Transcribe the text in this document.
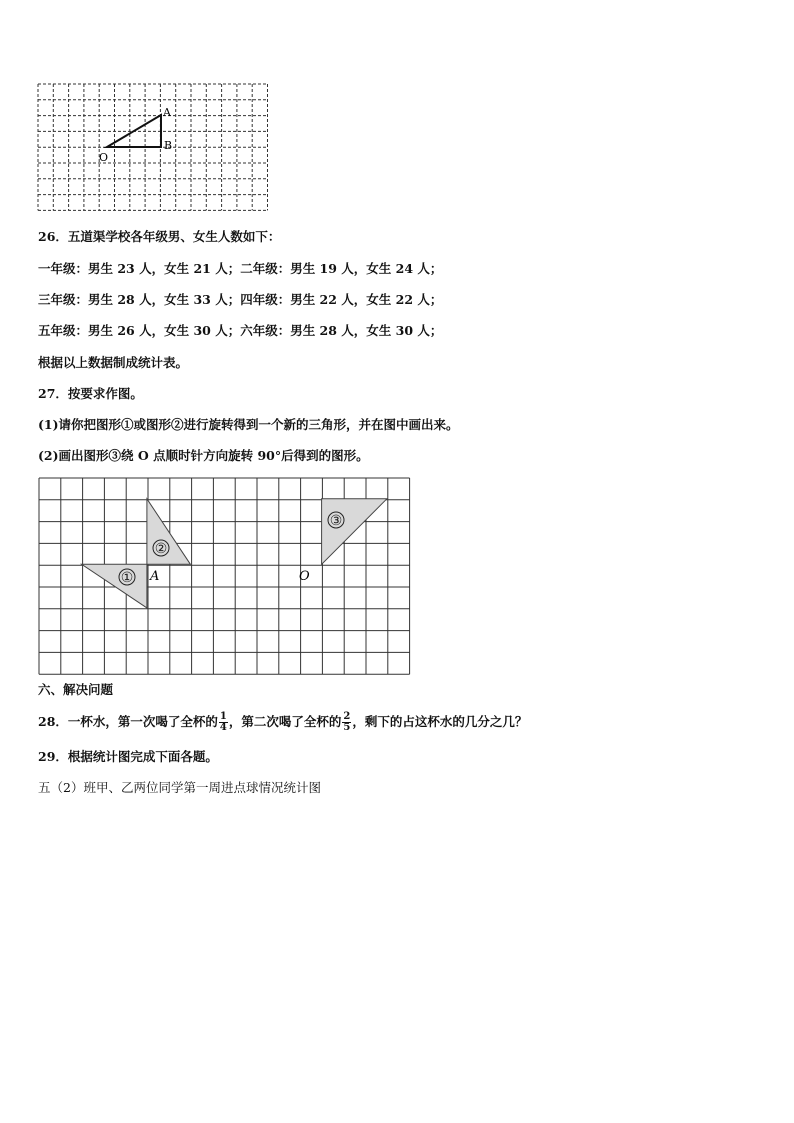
A
B
O
26．五道渠学校各年级男、女生人数如下：
一年级：男生 23 人，女生 21 人；二年级：男生 19 人，女生 24 人；
三年级：男生 28 人，女生 33 人；四年级：男生 22 人，女生 22 人；
五年级：男生 26 人，女生 30 人；六年级：男生 28 人，女生 30 人；
根据以上数据制成统计表。
27．按要求作图。
(1)请你把图形①或图形②进行旋转得到一个新的三角形，并在图中画出来。
(2)画出图形③绕 O 点顺时针方向旋转 90°后得到的图形。
①
②
③
A	O
六、解决问题
28．一杯水，第一次喝了全杯的 $\frac{1}{4}$ ，第二次喝了全杯的 $\frac{2}{5}$ ，剩下的占这杯水的几分之几？
29．根据统计图完成下面各题。
五（2）班甲、乙两位同学第一周进点球情况统计图
